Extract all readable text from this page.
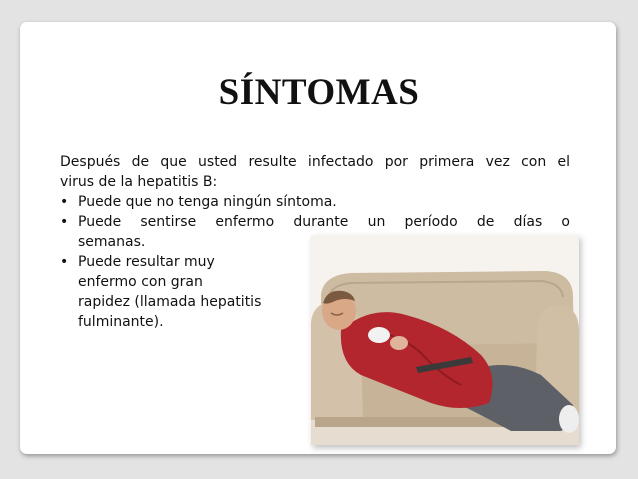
SÍNTOMAS
Después de que usted resulte infectado por primera vez con el
virus de la hepatitis B:
• Puede que no tenga ningún síntoma.
• Puede sentirse enfermo durante un período de días o
semanas.
• Puede resultar muy
enfermo con gran
rapidez (llamada hepatitis
fulminante).
